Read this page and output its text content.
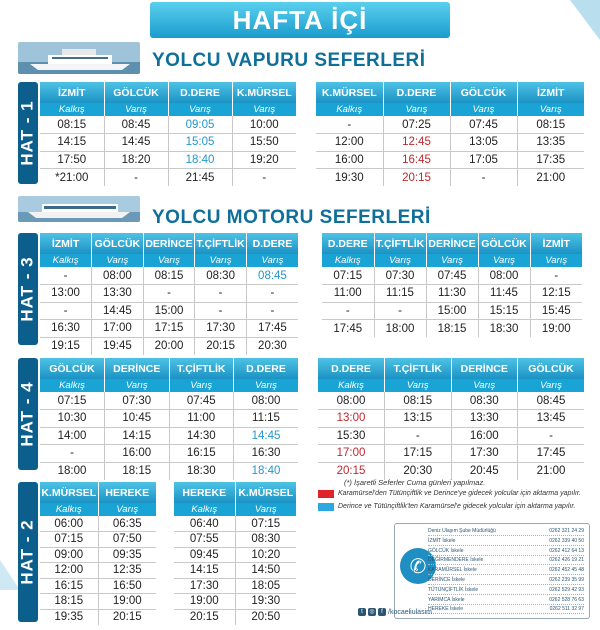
HAFTA İÇİ
YOLCU VAPURU SEFERLERİ
HAT - 1
İZMİT	GÖLCÜK	D.DERE	K.MÜRSEL
Kalkış	Varış	Varış	Varış
08:15	08:45	09:05	10:00
14:15	14:45	15:05	15:50
17:50	18:20	18:40	19:20
*21:00	-	21:45	-
K.MÜRSEL	D.DERE	GÖLCÜK	İZMİT
Kalkış	Varış	Varış	Varış
-	07:25	07:45	08:15
12:00	12:45	13:05	13:35
16:00	16:45	17:05	17:35
19:30	20:15	-	21:00
YOLCU MOTORU SEFERLERİ
HAT - 3
İZMİT	GÖLCÜK	DERİNCE	T.ÇİFTLİK	D.DERE
Kalkış	Varış	Varış	Varış	Varış
-	08:00	08:15	08:30	08:45
13:00	13:30	-	-	-
-	14:45	15:00	-	-
16:30	17:00	17:15	17:30	17:45
19:15	19:45	20:00	20:15	20:30
D.DERE	T.ÇİFTLİK	DERİNCE	GÖLCÜK	İZMİT
Kalkış	Varış	Varış	Varış	Varış
07:15	07:30	07:45	08:00	-
11:00	11:15	11:30	11:45	12:15
-	-	15:00	15:15	15:45
17:45	18:00	18:15	18:30	19:00
HAT - 4
GÖLCÜK	DERİNCE	T.ÇİFTLİK	D.DERE
Kalkış	Varış	Varış	Varış
07:15	07:30	07:45	08:00
10:30	10:45	11:00	11:15
14:00	14:15	14:30	14:45
-	16:00	16:15	16:30
18:00	18:15	18:30	18:40
D.DERE	T.ÇİFTLİK	DERİNCE	GÖLCÜK
Kalkış	Varış	Varış	Varış
08:00	08:15	08:30	08:45
13:00	13:15	13:30	13:45
15:30	-	16:00	-
17:00	17:15	17:30	17:45
20:15	20:30	20:45	21:00
(*) İşaretli Seferler Cuma günleri yapılmaz.
Karamürsel'den Tütünçiftlik ve Derince'ye gidecek yolcular için aktarma yapılır.
Derince ve Tütünçiftlik'ten Karamürsel'e gidecek yolcular için aktarma yapılır.
HAT - 2
K.MÜRSEL	HEREKE
Kalkış	Varış
06:00	06:35
07:15	07:50
09:00	09:35
12:00	12:35
16:15	16:50
18:15	19:00
19:35	20:15
HEREKE	K.MÜRSEL
Kalkış	Varış
06:40	07:15
07:55	08:30
09:45	10:20
14:15	14:50
17:30	18:05
19:00	19:30
20:15	20:50
✆
Deniz Ulaşım Şube Müdürlüğü	0262 321 24 29
İZMİT İskele	0262 339 40 50
GÖLCÜK İskele	0262 412 64 13
DEĞİRMENDERE İskele	0262 426 19 21
KARAMÜRSEL İskele	0262 452 45 48
DERİNCE İskele	0262 239 35 99
TÜTÜNÇİFTLİK İskele	0262 529 42 93
YARIMCA İskele	0262 528 76 63
HEREKE İskele	0262 511 32 97
t	◎	f /kocaeliulasim
